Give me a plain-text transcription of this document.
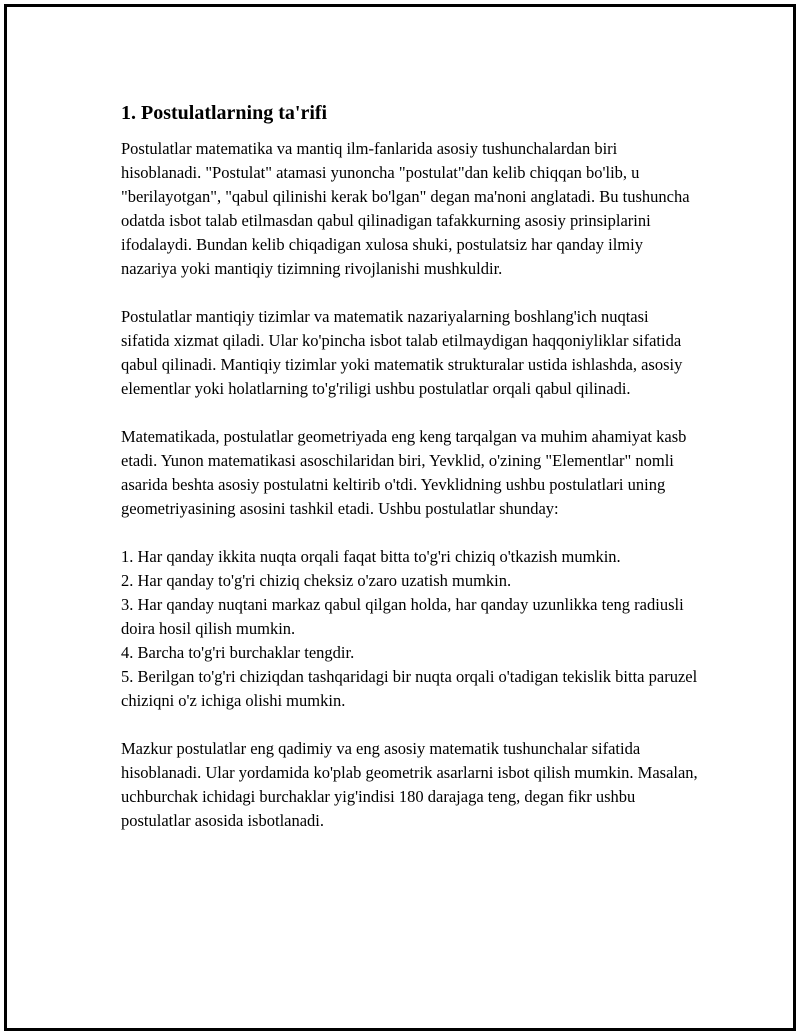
1. Postulatlarning ta'rifi

Postulatlar matematika va mantiq ilm-fanlarida asosiy tushunchalardan biri hisoblanadi. "Postulat" atamasi yunoncha "postulat"dan kelib chiqqan bo'lib, u "berilayotgan", "qabul qilinishi kerak bo'lgan" degan ma'noni anglatadi. Bu tushuncha odatda isbot talab etilmasdan qabul qilinadigan tafakkurning asosiy prinsiplarini ifodalaydi. Bundan kelib chiqadigan xulosa shuki, postulatsiz har qanday ilmiy nazariya yoki mantiqiy tizimning rivojlanishi mushkuldir.

Postulatlar mantiqiy tizimlar va matematik nazariyalarning boshlang'ich nuqtasi sifatida xizmat qiladi. Ular ko'pincha isbot talab etilmaydigan haqqoniyliklar sifatida qabul qilinadi. Mantiqiy tizimlar yoki matematik strukturalar ustida ishlashda, asosiy elementlar yoki holatlarning to'g'riligi ushbu postulatlar orqali qabul qilinadi.

Matematikada, postulatlar geometriyada eng keng tarqalgan va muhim ahamiyat kasb etadi. Yunon matematikasi asoschilaridan biri, Yevklid, o'zining "Elementlar" nomli asarida beshta asosiy postulatni keltirib o'tdi. Yevklidning ushbu postulatlari uning geometriyasining asosini tashkil etadi. Ushbu postulatlar shunday:

1. Har qanday ikkita nuqta orqali faqat bitta to'g'ri chiziq o'tkazish mumkin.
2. Har qanday to'g'ri chiziq cheksiz o'zaro uzatish mumkin.
3. Har qanday nuqtani markaz qabul qilgan holda, har qanday uzunlikka teng radiusli doira hosil qilish mumkin.
4. Barcha to'g'ri burchaklar tengdir.
5. Berilgan to'g'ri chiziqdan tashqaridagi bir nuqta orqali o'tadigan tekislik bitta paruzel chiziqni o'z ichiga olishi mumkin.

Mazkur postulatlar eng qadimiy va eng asosiy matematik tushunchalar sifatida hisoblanadi. Ular yordamida ko'plab geometrik asarlarni isbot qilish mumkin. Masalan, uchburchak ichidagi burchaklar yig'indisi 180 darajaga teng, degan fikr ushbu postulatlar asosida isbotlanadi.
